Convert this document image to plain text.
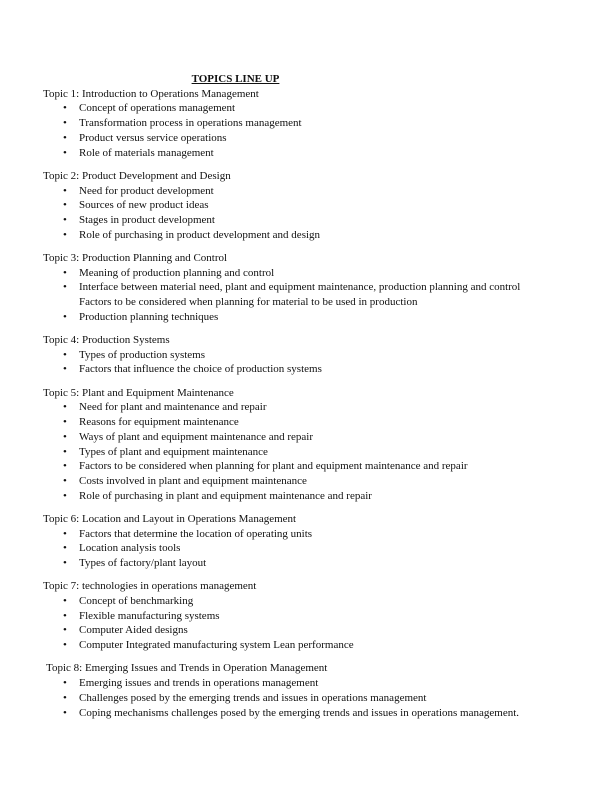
TOPICS LINE UP
Topic 1: Introduction to Operations Management
• Concept of operations management
• Transformation process in operations management
• Product versus service operations
• Role of materials management
Topic 2: Product Development and Design
• Need for product development
• Sources of new product ideas
• Stages in product development
• Role of purchasing in product development and design
Topic 3: Production Planning and Control
• Meaning of production planning and control
• Interface between material need, plant and equipment maintenance, production planning and control Factors to be considered when planning for material to be used in production
• Production planning techniques
Topic 4: Production Systems
• Types of production systems
• Factors that influence the choice of production systems
Topic 5: Plant and Equipment Maintenance
• Need for plant and maintenance and repair
• Reasons for equipment maintenance
• Ways of plant and equipment maintenance and repair
• Types of plant and equipment maintenance
• Factors to be considered when planning for plant and equipment maintenance and repair
• Costs involved in plant and equipment maintenance
• Role of purchasing in plant and equipment maintenance and repair
Topic 6: Location and Layout in Operations Management
• Factors that determine the location of operating units
• Location analysis tools
• Types of factory/plant layout
Topic 7: technologies in operations management
• Concept of benchmarking
• Flexible manufacturing systems
• Computer Aided designs
• Computer Integrated manufacturing system Lean performance
Topic 8: Emerging Issues and Trends in Operation Management
• Emerging issues and trends in operations management
• Challenges posed by the emerging trends and issues in operations management
• Coping mechanisms challenges posed by the emerging trends and issues in operations management.
